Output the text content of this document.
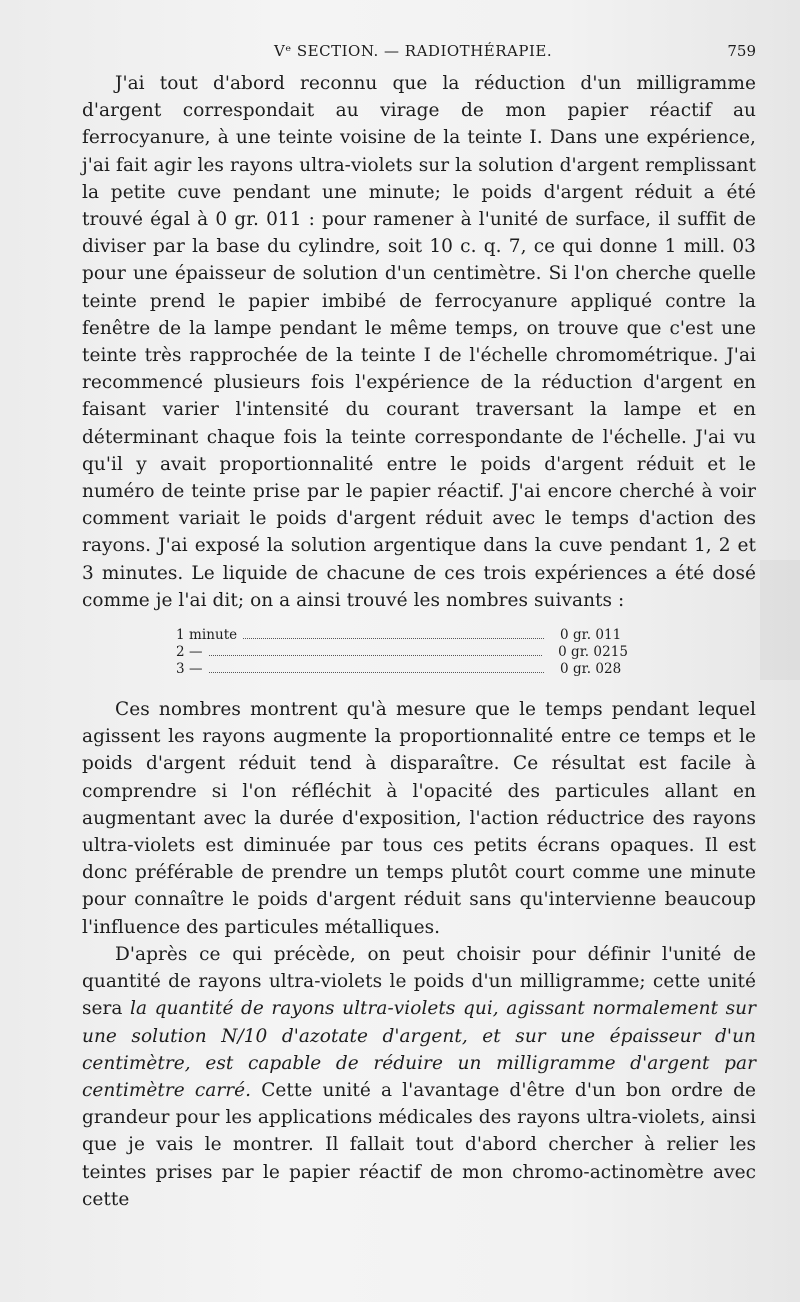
Vᵉ SECTION. — RADIOTHÉRAPIE.	759

J'ai tout d'abord reconnu que la réduction d'un milligramme d'argent correspondait au virage de mon papier réactif au ferrocyanure, à une teinte voisine de la teinte I. Dans une expérience, j'ai fait agir les rayons ultra-violets sur la solution d'argent remplissant la petite cuve pendant une minute; le poids d'argent réduit a été trouvé égal à 0 gr. 011 : pour ramener à l'unité de surface, il suffit de diviser par la base du cylindre, soit 10 c. q. 7, ce qui donne 1 mill. 03 pour une épaisseur de solution d'un centimètre. Si l'on cherche quelle teinte prend le papier imbibé de ferrocyanure appliqué contre la fenêtre de la lampe pendant le même temps, on trouve que c'est une teinte très rapprochée de la teinte I de l'échelle chromométrique. J'ai recommencé plusieurs fois l'expérience de la réduction d'argent en faisant varier l'intensité du courant traversant la lampe et en déterminant chaque fois la teinte correspondante de l'échelle. J'ai vu qu'il y avait proportionnalité entre le poids d'argent réduit et le numéro de teinte prise par le papier réactif. J'ai encore cherché à voir comment variait le poids d'argent réduit avec le temps d'action des rayons. J'ai exposé la solution argentique dans la cuve pendant 1, 2 et 3 minutes. Le liquide de chacune de ces trois expériences a été dosé comme je l'ai dit; on a ainsi trouvé les nombres suivants :

1 minute	0 gr. 011
2 —	0 gr. 0215
3 —	0 gr. 028

Ces nombres montrent qu'à mesure que le temps pendant lequel agissent les rayons augmente la proportionnalité entre ce temps et le poids d'argent réduit tend à disparaître. Ce résultat est facile à comprendre si l'on réfléchit à l'opacité des particules allant en augmentant avec la durée d'exposition, l'action réductrice des rayons ultra-violets est diminuée par tous ces petits écrans opaques. Il est donc préférable de prendre un temps plutôt court comme une minute pour connaître le poids d'argent réduit sans qu'intervienne beaucoup l'influence des particules métalliques.

D'après ce qui précède, on peut choisir pour définir l'unité de quantité de rayons ultra-violets le poids d'un milligramme; cette unité sera la quantité de rayons ultra-violets qui, agissant normalement sur une solution N/10 d'azotate d'argent, et sur une épaisseur d'un centimètre, est capable de réduire un milligramme d'argent par centimètre carré. Cette unité a l'avantage d'être d'un bon ordre de grandeur pour les applications médicales des rayons ultra-violets, ainsi que je vais le montrer. Il fallait tout d'abord chercher à relier les teintes prises par le papier réactif de mon chromo-actinomètre avec cette
